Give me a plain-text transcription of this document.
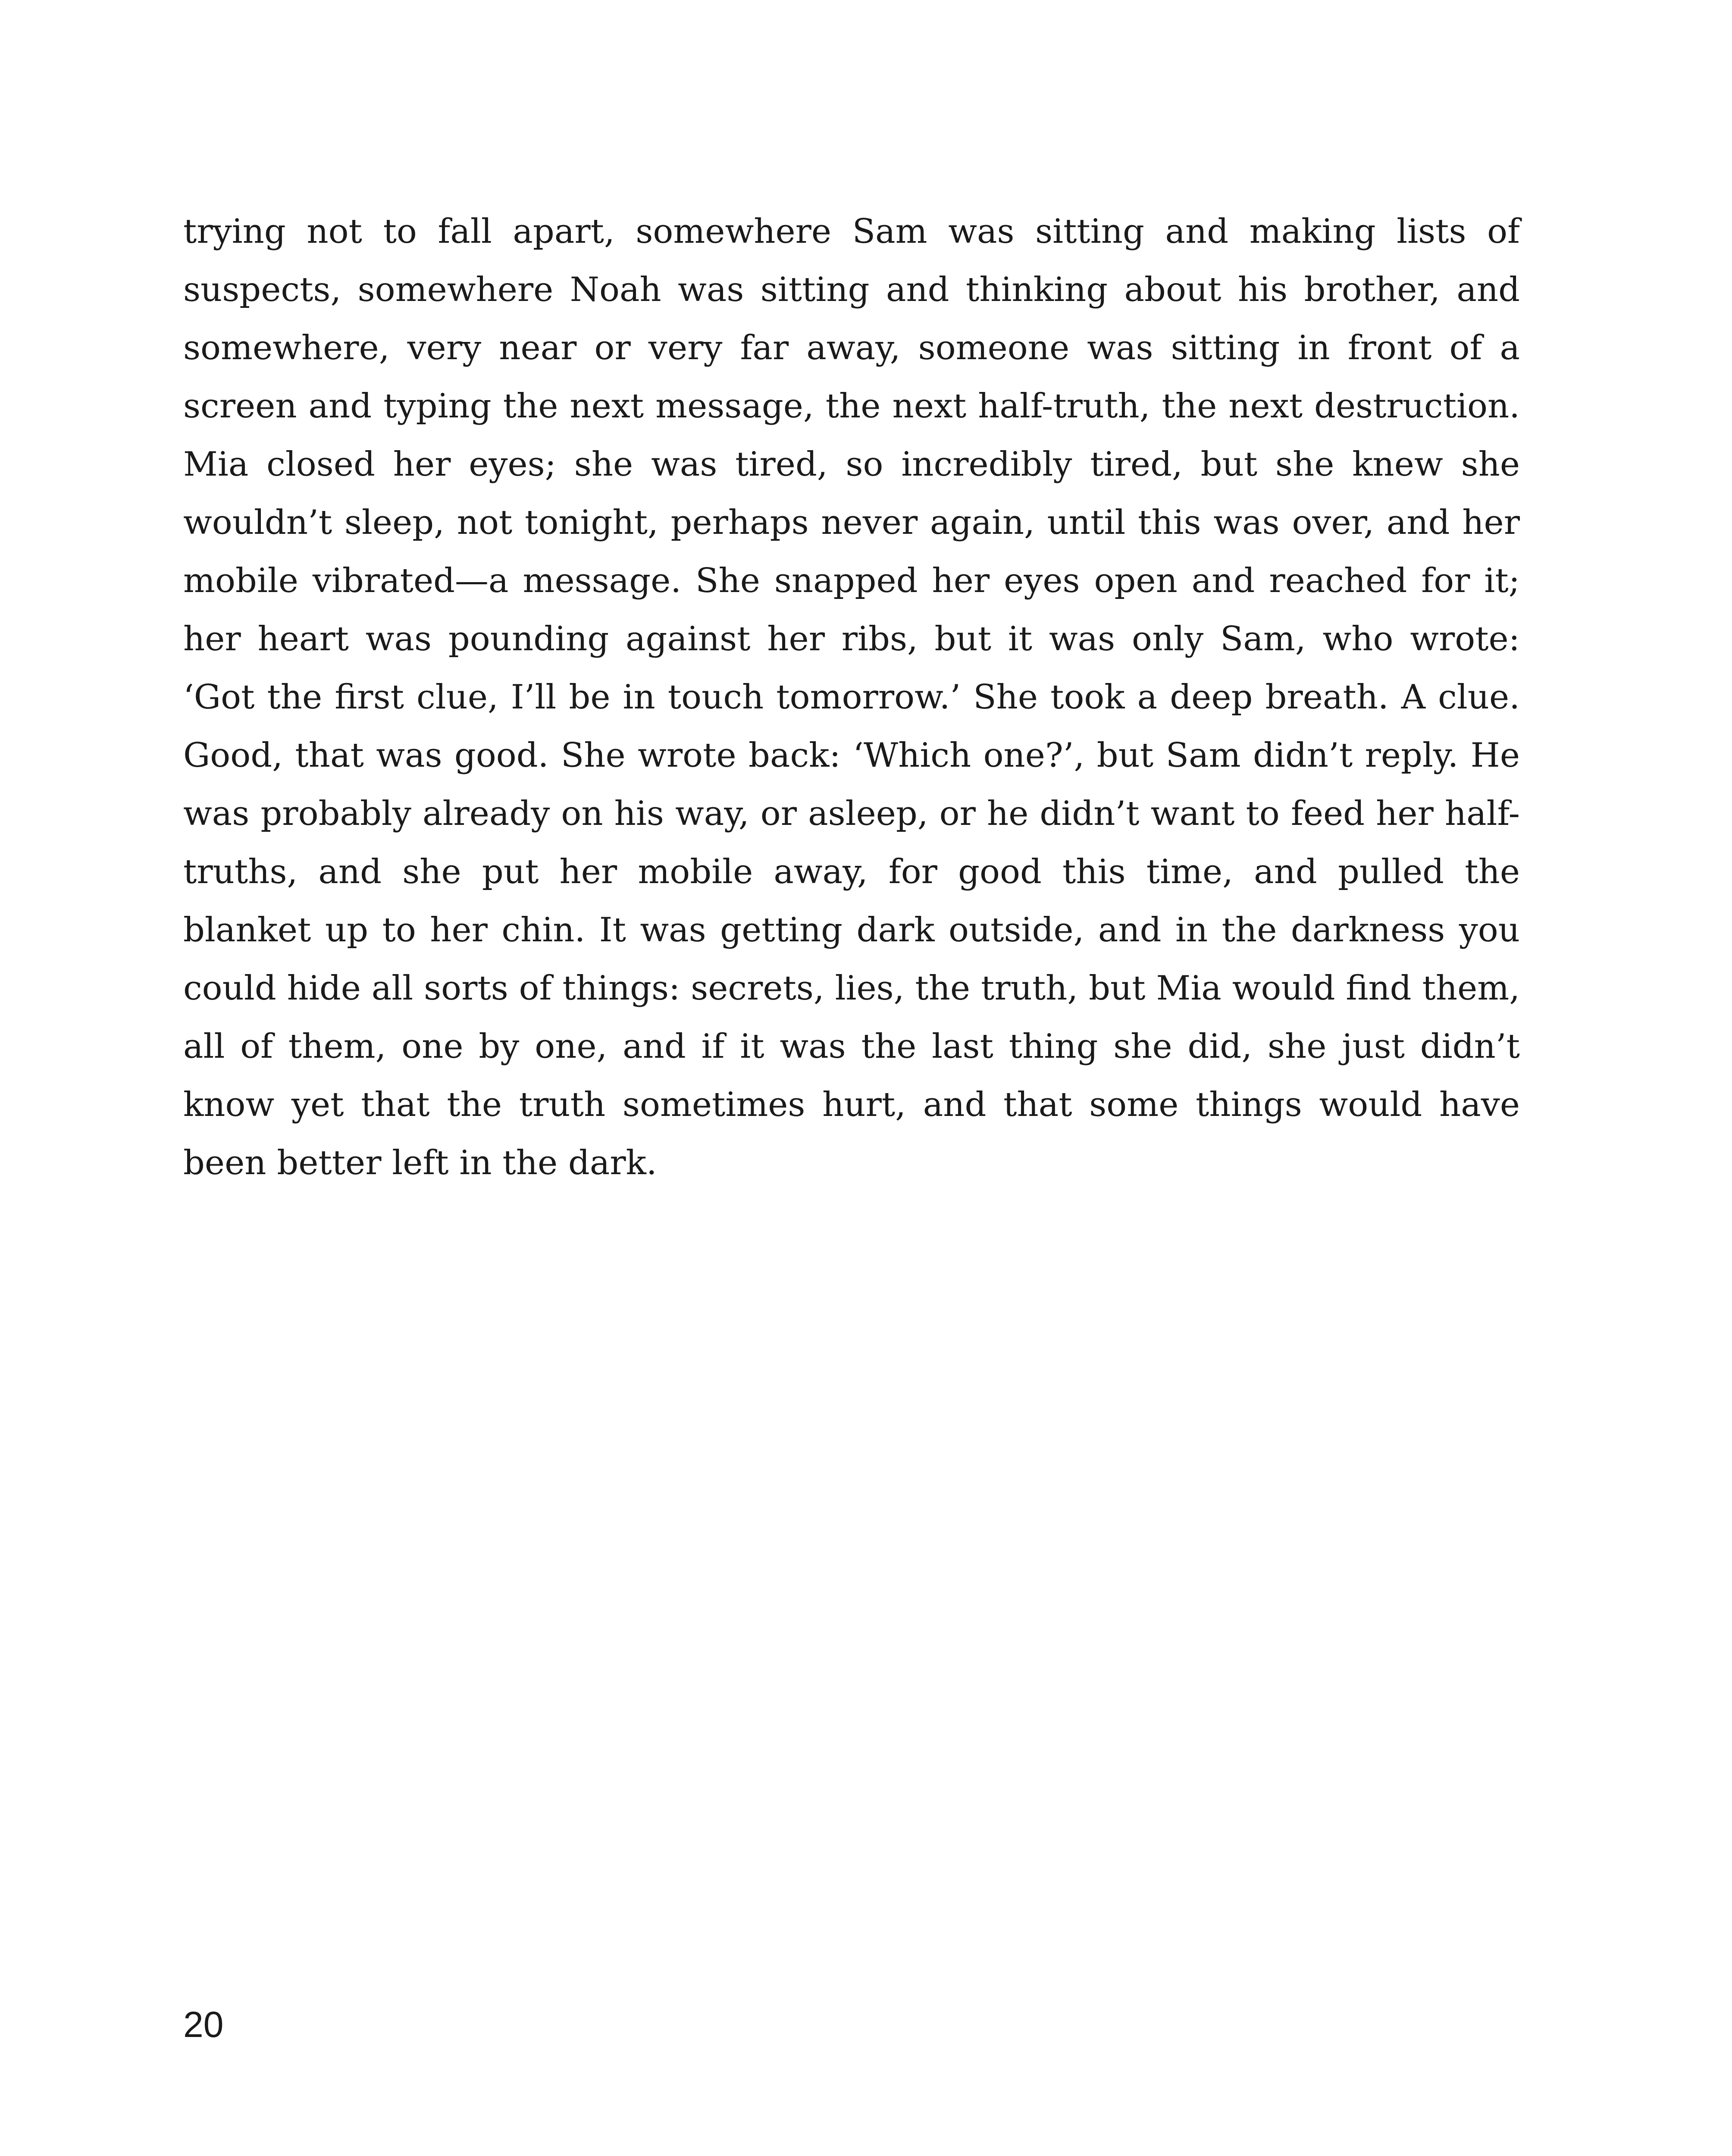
trying not to fall apart, somewhere Sam was sitting and making lists of suspects, somewhere Noah was sitting and thinking about his brother, and somewhere, very near or very far away, someone was sitting in front of a screen and typing the next message, the next half-truth, the next destruction. Mia closed her eyes; she was tired, so incredibly tired, but she knew she wouldn’t sleep, not tonight, perhaps never again, until this was over, and her mobile vibrated—a message. She snapped her eyes open and reached for it; her heart was pounding against her ribs, but it was only Sam, who wrote: ‘Got the first clue, I’ll be in touch tomorrow.’ She took a deep breath. A clue. Good, that was good. She wrote back: ‘Which one?’, but Sam didn’t reply. He was probably already on his way, or asleep, or he didn’t want to feed her half-truths, and she put her mobile away, for good this time, and pulled the blanket up to her chin. It was getting dark outside, and in the darkness you could hide all sorts of things: secrets, lies, the truth, but Mia would find them, all of them, one by one, and if it was the last thing she did, she just didn’t know yet that the truth sometimes hurt, and that some things would have been better left in the dark.

20
